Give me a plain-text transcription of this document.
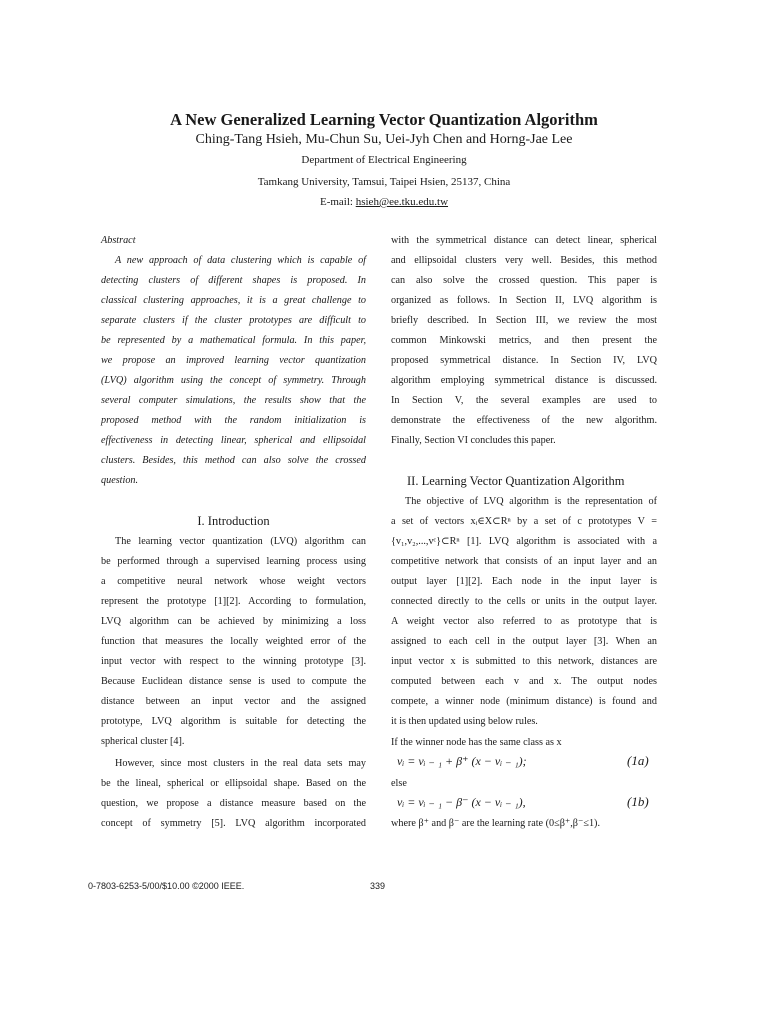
A New Generalized Learning Vector Quantization Algorithm
Ching-Tang Hsieh, Mu-Chun Su, Uei-Jyh Chen and Horng-Jae Lee
Department of Electrical Engineering
Tamkang University, Tamsui, Taipei Hsien, 25137, China
E-mail: hsieh@ee.tku.edu.tw
Abstract
A new approach of data clustering which is capable of
detecting clusters of different shapes is proposed. In
classical clustering approaches, it is a great challenge to
separate clusters if the cluster prototypes are difficult to
be represented by a mathematical formula. In this paper,
we propose an improved learning vector quantization
(LVQ) algorithm using the concept of symmetry. Through
several computer simulations, the results show that the
proposed method with the random initialization is
effectiveness in detecting linear, spherical and ellipsoidal
clusters. Besides, this method can also solve the crossed
question.
I. Introduction
The learning vector quantization (LVQ) algorithm can
be performed through a supervised learning process using
a competitive neural network whose weight vectors
represent the prototype [1][2]. According to formulation,
LVQ algorithm can be achieved by minimizing a loss
function that measures the locally weighted error of the
input vector with respect to the winning prototype [3].
Because Euclidean distance sense is used to compute the
distance between an input vector and the assigned
prototype, LVQ algorithm is suitable for detecting the
spherical cluster [4].
However, since most clusters in the real data sets may
be the lineal, spherical or ellipsoidal shape. Based on the
question, we propose a distance measure based on the
concept of symmetry [5]. LVQ algorithm incorporated
with the symmetrical distance can detect linear, spherical
and ellipsoidal clusters very well. Besides, this method
can also solve the crossed question. This paper is
organized as follows. In Section II, LVQ algorithm is
briefly described. In Section III, we review the most
common Minkowski metrics, and then present the
proposed symmetrical distance. In Section IV, LVQ
algorithm employing symmetrical distance is discussed.
In Section V, the several examples are used to
demonstrate the effectiveness of the new algorithm.
Finally, Section VI concludes this paper.
II. Learning Vector Quantization Algorithm
The objective of LVQ algorithm is the representation of
a set of vectors xᵢ∈X⊂Rⁿ by a set of c prototypes V =
{v₁,v₂,...,vᶜ}⊂Rⁿ [1]. LVQ algorithm is associated with a
competitive network that consists of an input layer and an
output layer [1][2]. Each node in the input layer is
connected directly to the cells or units in the output layer.
A weight vector also referred to as prototype that is
assigned to each cell in the output layer [3]. When an
input vector x is submitted to this network, distances are
computed between each v and x. The output nodes
compete, a winner node (minimum distance) is found and
it is then updated using below rules.
If the winner node has the same class as x
vᵢ = vᵢ ₋ ₁ + β⁺ (x − vᵢ ₋ ₁);	(1a)
else
vᵢ = vᵢ ₋ ₁ − β⁻ (x − vᵢ ₋ ₁),	(1b)
where β⁺ and β⁻ are the learning rate (0≤β⁺,β⁻≤1).
0-7803-6253-5/00/$10.00 ©2000 IEEE.	339
